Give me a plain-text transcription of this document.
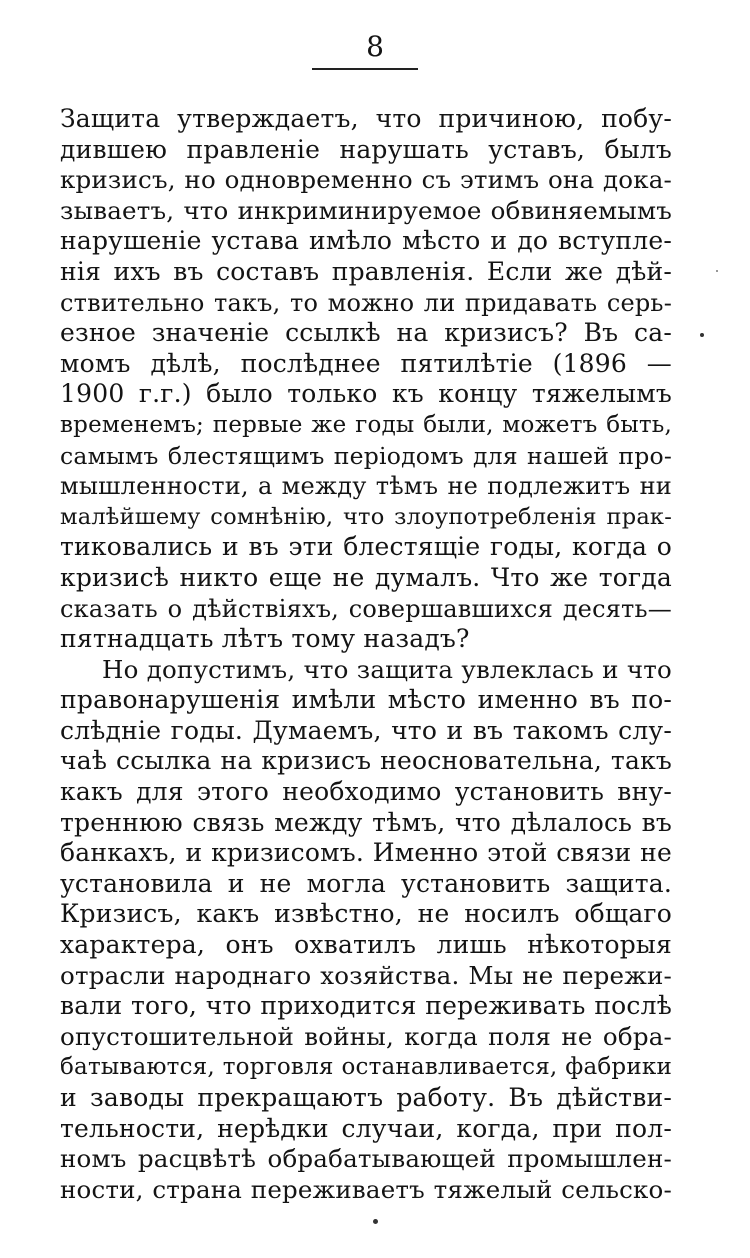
8
Защита утверждаетъ, что причиною, побу-
дившею правленіе нарушать уставъ, былъ
кризисъ, но одновременно съ этимъ она дока-
зываетъ, что инкриминируемое обвиняемымъ
нарушеніе устава имѣло мѣсто и до вступле-
нія ихъ въ составъ правленія. Если же дѣй-
ствительно такъ, то можно ли придавать серь-
езное значеніе ссылкѣ на кризисъ? Въ са-
момъ дѣлѣ, послѣднее пятилѣтіе (1896 —
1900 г.г.) было только къ концу тяжелымъ
временемъ; первые же годы были, можетъ быть,
самымъ блестящимъ періодомъ для нашей про-
мышленности, а между тѣмъ не подлежитъ ни
малѣйшему сомнѣнію, что злоупотребленія прак-
тиковались и въ эти блестящіе годы, когда о
кризисѣ никто еще не думалъ. Что же тогда
сказать о дѣйствіяхъ, совершавшихся десять—
пятнадцать лѣтъ тому назадъ?
Но допустимъ, что защита увлеклась и что
правонарушенія имѣли мѣсто именно въ по-
слѣдніе годы. Думаемъ, что и въ такомъ слу-
чаѣ ссылка на кризисъ неосновательна, такъ
какъ для этого необходимо установить вну-
треннюю связь между тѣмъ, что дѣлалось въ
банкахъ, и кризисомъ. Именно этой связи не
установила и не могла установить защита.
Кризисъ, какъ извѣстно, не носилъ общаго
характера, онъ охватилъ лишь нѣкоторыя
отрасли народнаго хозяйства. Мы не пережи-
вали того, что приходится переживать послѣ
опустошительной войны, когда поля не обра-
батываются, торговля останавливается, фабрики
и заводы прекращаютъ работу. Въ дѣйстви-
тельности, нерѣдки случаи, когда, при пол-
номъ расцвѣтѣ обрабатывающей промышлен-
ности, страна переживаетъ тяжелый сельско-
